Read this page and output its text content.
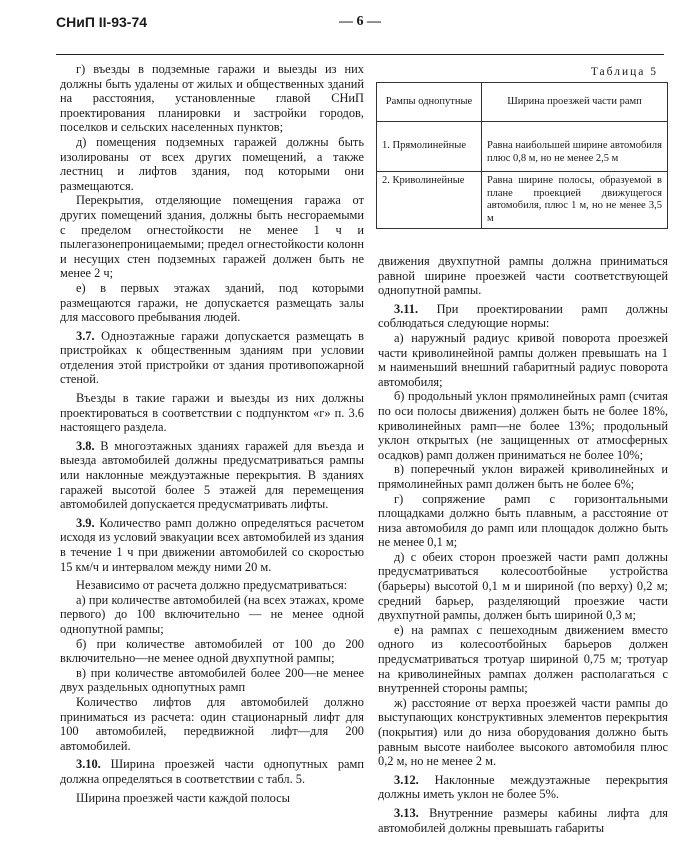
СНиП II-93-74	— 6 —

г) въезды в подземные гаражи и выезды из них должны быть удалены от жилых и общественных зданий на расстояния, установленные главой СНиП проектирования планировки и застройки городов, поселков и сельских населенных пунктов;

д) помещения подземных гаражей должны быть изолированы от всех других помещений, а также лестниц и лифтов здания, под которыми они размещаются.

Перекрытия, отделяющие помещения гаража от других помещений здания, должны быть несгораемыми с пределом огнестойкости не менее 1 ч и пылегазонепроницаемыми; предел огнестойкости колонн и несущих стен подземных гаражей должен быть не менее 2 ч;

е) в первых этажах зданий, под которыми размещаются гаражи, не допускается размещать залы для массового пребывания людей.

3.7. Одноэтажные гаражи допускается размещать в пристройках к общественным зданиям при условии отделения этой пристройки от здания противопожарной стеной.

Въезды в такие гаражи и выезды из них должны проектироваться в соответствии с подпунктом «г» п. 3.6 настоящего раздела.

3.8. В многоэтажных зданиях гаражей для въезда и выезда автомобилей должны предусматриваться рампы или наклонные междуэтажные перекрытия. В зданиях гаражей высотой более 5 этажей для перемещения автомобилей допускается предусматривать лифты.

3.9. Количество рамп должно определяться расчетом исходя из условий эвакуации всех автомобилей из здания в течение 1 ч при движении автомобилей со скоростью 15 км/ч и интервалом между ними 20 м.

Независимо от расчета должно предусматриваться:

а) при количестве автомобилей (на всех этажах, кроме первого) до 100 включительно — не менее одной однопутной рампы;

б) при количестве автомобилей от 100 до 200 включительно—не менее одной двухпутной рампы;

в) при количестве автомобилей более 200—не менее двух раздельных однопутных рамп

Количество лифтов для автомобилей должно приниматься из расчета: один стационарный лифт для 100 автомобилей, передвижной лифт—для 200 автомобилей.

3.10. Ширина проезжей части однопутных рамп должна определяться в соответствии с табл. 5.

Ширина проезжей части каждой полосы

Таблица 5
Рампы однопутные	Ширина проезжей части рамп
1. Прямолинейные	Равна наибольшей ширине автомобиля плюс 0,8 м, но не менее 2,5 м
2. Криволинейные	Равна ширине полосы, образуемой в плане проекцией движущегося автомобиля, плюс 1 м, но не менее 3,5 м

движения двухпутной рампы должна приниматься равной ширине проезжей части соответствующей однопутной рампы.

3.11. При проектировании рамп должны соблюдаться следующие нормы:

а) наружный радиус кривой поворота проезжей части криволинейной рампы должен превышать на 1 м наименьший внешний габаритный радиус поворота автомобиля;

б) продольный уклон прямолинейных рамп (считая по оси полосы движения) должен быть не более 18%, криволинейных рамп—не более 13%; продольный уклон открытых (не защищенных от атмосферных осадков) рамп должен приниматься не более 10%;

в) поперечный уклон виражей криволинейных и прямолинейных рамп должен быть не более 6%;

г) сопряжение рамп с горизонтальными площадками должно быть плавным, а расстояние от низа автомобиля до рамп или площадок должно быть не менее 0,1 м;

д) с обеих сторон проезжей части рамп должны предусматриваться колесоотбойные устройства (барьеры) высотой 0,1 м и шириной (по верху) 0,2 м; средний барьер, разделяющий проезжие части двухпутной рампы, должен быть шириной 0,3 м;

е) на рампах с пешеходным движением вместо одного из колесоотбойных барьеров должен предусматриваться тротуар шириной 0,75 м; тротуар на криволинейных рампах должен располагаться с внутренней стороны рампы;

ж) расстояние от верха проезжей части рампы до выступающих конструктивных элементов перекрытия (покрытия) или до низа оборудования должно быть равным высоте наиболее высокого автомобиля плюс 0,2 м, но не менее 2 м.

3.12. Наклонные междуэтажные перекрытия должны иметь уклон не более 5%.

3.13. Внутренние размеры кабины лифта для автомобилей должны превышать габариты
